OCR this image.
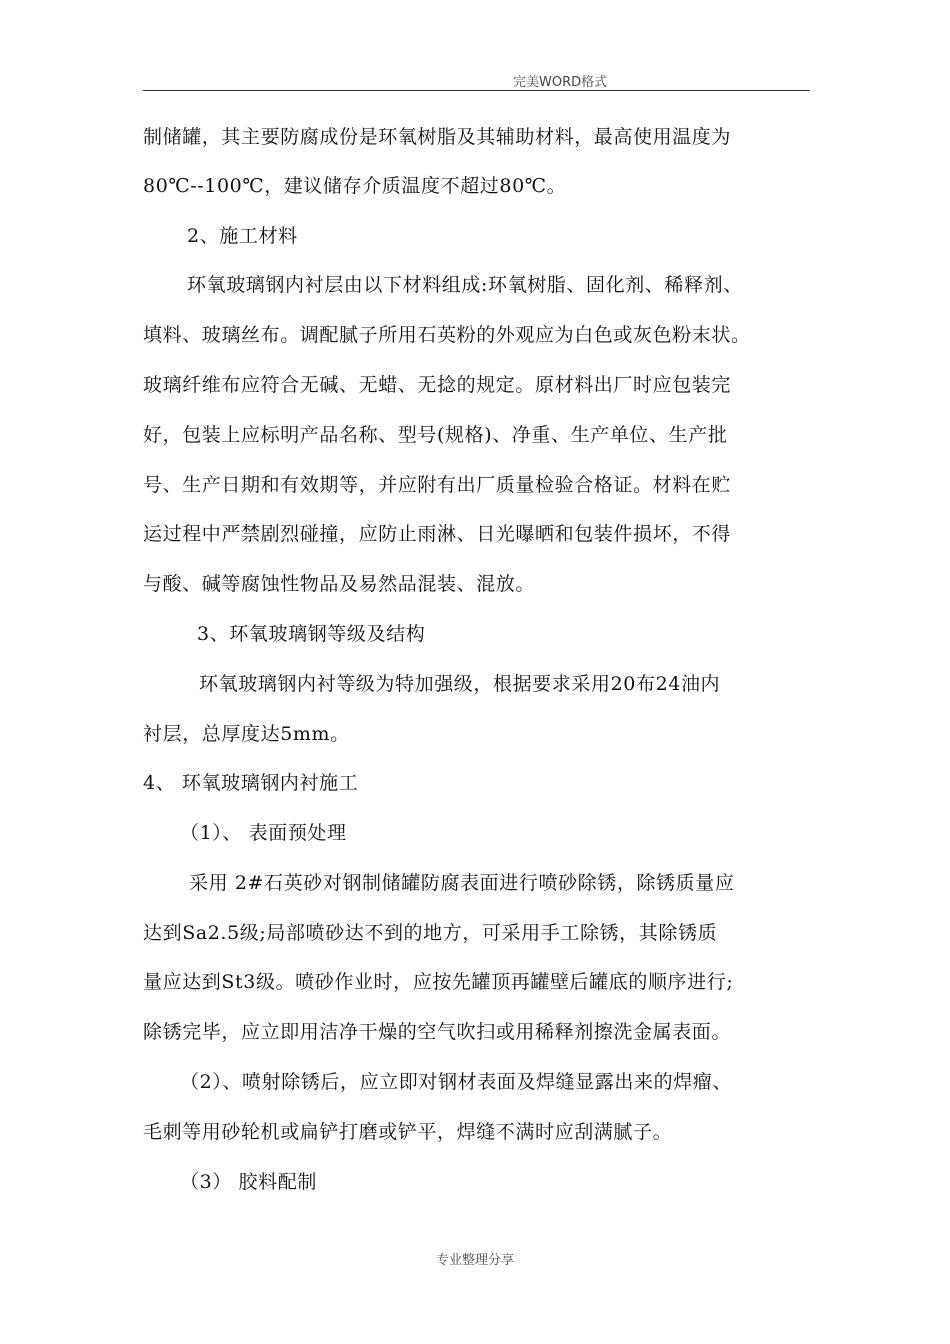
完美WORD格式
制储罐，其主要防腐成份是环氧树脂及其辅助材料，最高使用温度为
80℃--100℃，建议储存介质温度不超过80℃。
2、施工材料
环氧玻璃钢内衬层由以下材料组成:环氧树脂、固化剂、稀释剂、
填料、玻璃丝布。调配腻子所用石英粉的外观应为白色或灰色粉末状。
玻璃纤维布应符合无碱、无蜡、无捻的规定。原材料出厂时应包装完
好，包装上应标明产品名称、型号(规格)、净重、生产单位、生产批
号、生产日期和有效期等，并应附有出厂质量检验合格证。材料在贮
运过程中严禁剧烈碰撞，应防止雨淋、日光曝晒和包装件损坏，不得
与酸、碱等腐蚀性物品及易然品混装、混放。
3、环氧玻璃钢等级及结构
环氧玻璃钢内衬等级为特加强级，根据要求采用20布24油内
衬层，总厚度达5mm。
4、 环氧玻璃钢内衬施工
（1）、 表面预处理
采用 2#石英砂对钢制储罐防腐表面进行喷砂除锈，除锈质量应
达到Sa2.5级;局部喷砂达不到的地方，可采用手工除锈，其除锈质
量应达到St3级。喷砂作业时，应按先罐顶再罐壁后罐底的顺序进行;
除锈完毕，应立即用洁净干燥的空气吹扫或用稀释剂擦洗金属表面。
（2）、喷射除锈后，应立即对钢材表面及焊缝显露出来的焊瘤、
毛刺等用砂轮机或扁铲打磨或铲平，焊缝不满时应刮满腻子。
（3） 胶料配制
专业整理分享
